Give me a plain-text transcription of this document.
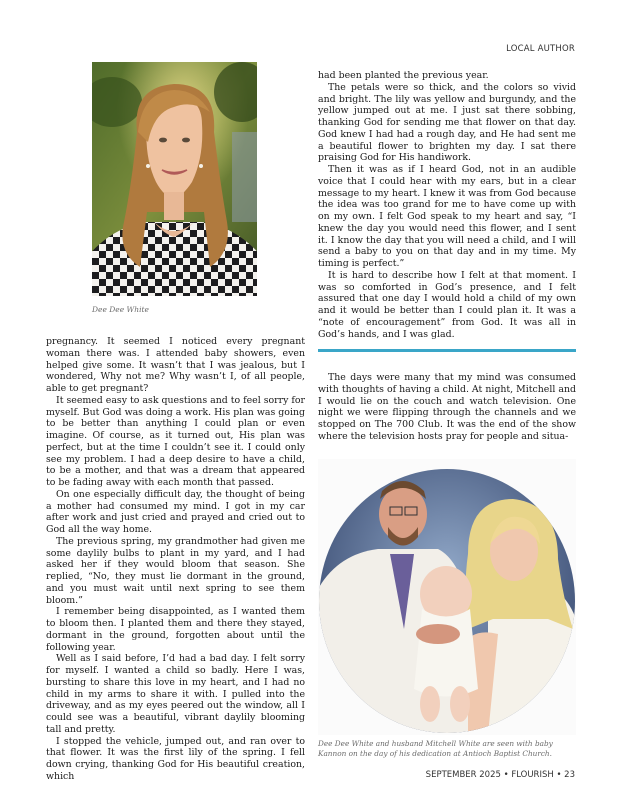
LOCAL AUTHOR
Dee Dee White

pregnancy. It seemed I noticed every pregnant woman there was. I attended baby showers, even helped give some. It wasn’t that I was jealous, but I wondered, Why not me? Why wasn’t I, of all people, able to get pregnant?

It seemed easy to ask questions and to feel sorry for myself. But God was doing a work. His plan was going to be better than anything I could plan or even imagine. Of course, as it turned out, His plan was perfect, but at the time I couldn’t see it. I could only see my problem. I had a deep desire to have a child, to be a mother, and that was a dream that appeared to be fading away with each month that passed.

On one especially difficult day, the thought of being a mother had consumed my mind. I got in my car after work and just cried and prayed and cried out to God all the way home.

The previous spring, my grandmother had given me some daylily bulbs to plant in my yard, and I had asked her if they would bloom that season. She replied, “No, they must lie dormant in the ground, and you must wait until next spring to see them bloom.”

I remember being disappointed, as I wanted them to bloom then. I planted them and there they stayed, dormant in the ground, forgotten about until the following year.

Well as I said before, I’d had a bad day. I felt sorry for myself. I wanted a child so badly. Here I was, bursting to share this love in my heart, and I had no child in my arms to share it with. I pulled into the driveway, and as my eyes peered out the window, all I could see was a beautiful, vibrant daylily blooming tall and pretty.

I stopped the vehicle, jumped out, and ran over to that flower. It was the first lily of the spring. I fell down crying, thanking God for His beautiful creation, which

had been planted the previous year.

The petals were so thick, and the colors so vivid and bright. The lily was yellow and burgundy, and the yellow jumped out at me. I just sat there sobbing, thanking God for sending me that flower on that day. God knew I had had a rough day, and He had sent me a beautiful flower to brighten my day. I sat there praising God for His handiwork.

Then it was as if I heard God, not in an audible voice that I could hear with my ears, but in a clear message to my heart. I knew it was from God because the idea was too grand for me to have come up with on my own. I felt God speak to my heart and say, “I knew the day you would need this flower, and I sent it. I know the day that you will need a child, and I will send a baby to you on that day and in my time. My timing is perfect.”

It is hard to describe how I felt at that moment. I was so comforted in God’s presence, and I felt assured that one day I would hold a child of my own and it would be better than I could plan it. It was a “note of encouragement” from God. It was all in God’s hands, and I was glad.

The days were many that my mind was consumed with thoughts of having a child. At night, Mitchell and I would lie on the couch and watch television. One night we were flipping through the channels and we stopped on The 700 Club. It was the end of the show where the television hosts pray for people and situa-

Dee Dee White and husband Mitchell White are seen with baby Kannon on the day of his dedication at Antioch Baptist Church.
SEPTEMBER 2025 • FLOURISH • 23
